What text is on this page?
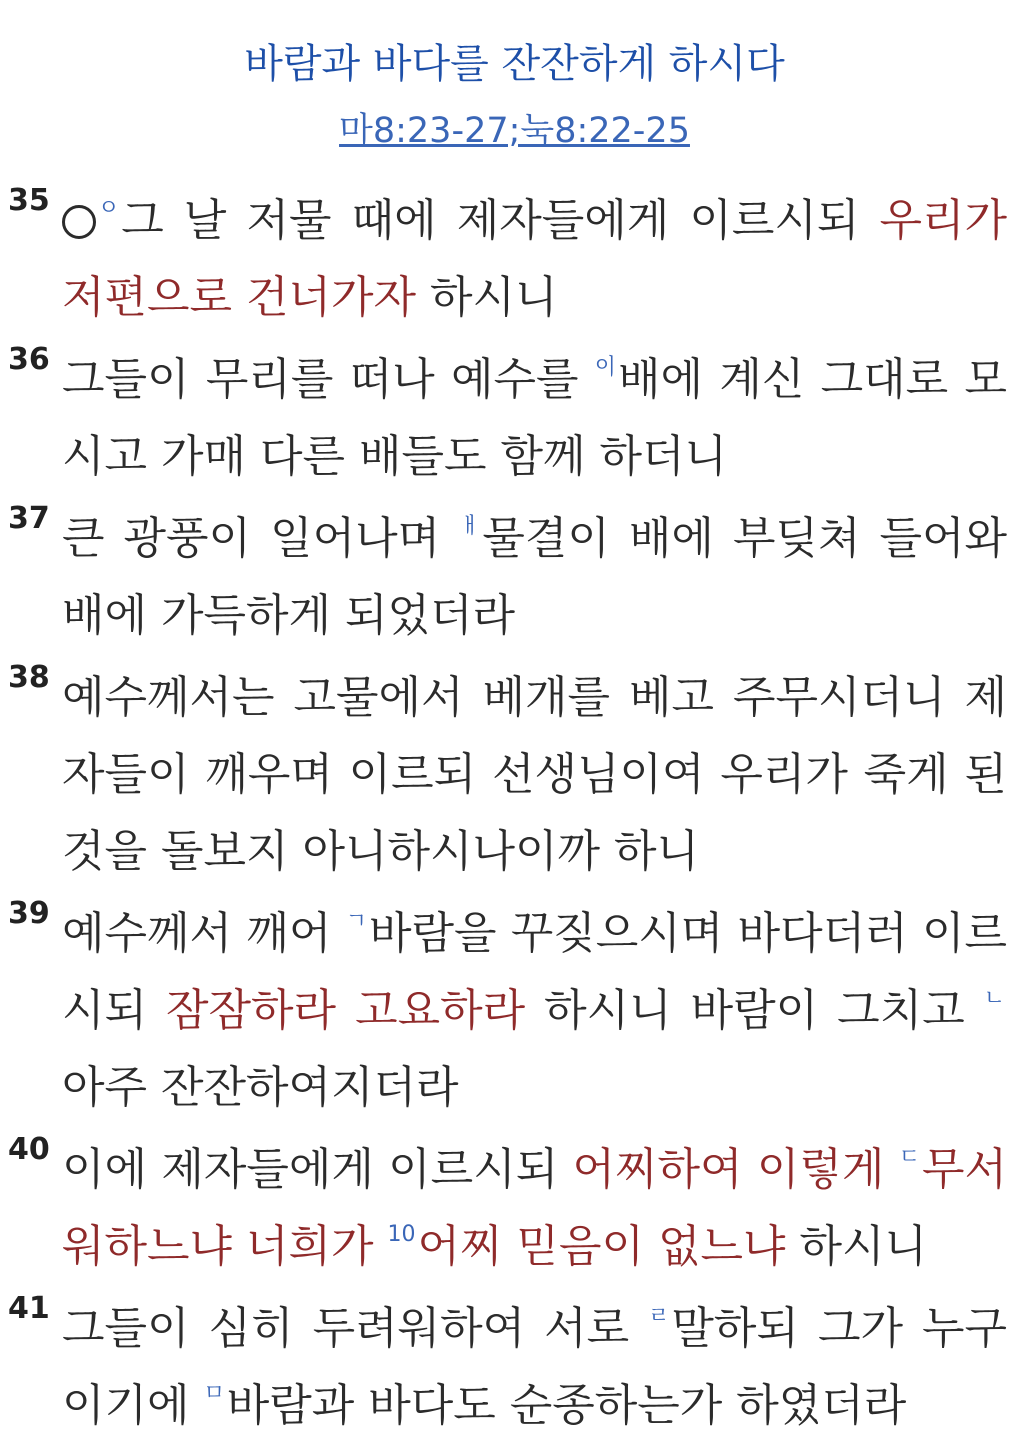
바람과 바다를 잔잔하게 하시다
마8:23-27;눅8:22-25
35 $^ㅇ$그 날 저물 때에 제자들에게 이르시되 우리가 저편으로 건너가자 하시니
36 그들이 무리를 떠나 예수를 $^이$배에 계신 그대로 모시고 가매 다른 배들도 함께 하더니
37 큰 광풍이 일어나며 $^ㅐ$물결이 배에 부딪쳐 들어와 배에 가득하게 되었더라
38 예수께서는 고물에서 베개를 베고 주무시더니 제자들이 깨우며 이르되 선생님이여 우리가 죽게 된 것을 돌보지 아니하시나이까 하니
39 예수께서 깨어 $^ㄱ$바람을 꾸짖으시며 바다더러 이르시되 잠잠하라 고요하라 하시니 바람이 그치고 $^ㄴ$아주 잔잔하여지더라
40 이에 제자들에게 이르시되 어찌하여 이렇게 $^ㄷ$무서워하느냐 너희가 $^{10}$어찌 믿음이 없느냐 하시니
41 그들이 심히 두려워하여 서로 $^ㄹ$말하되 그가 누구이기에 $^ㅁ$바람과 바다도 순종하는가 하였더라
